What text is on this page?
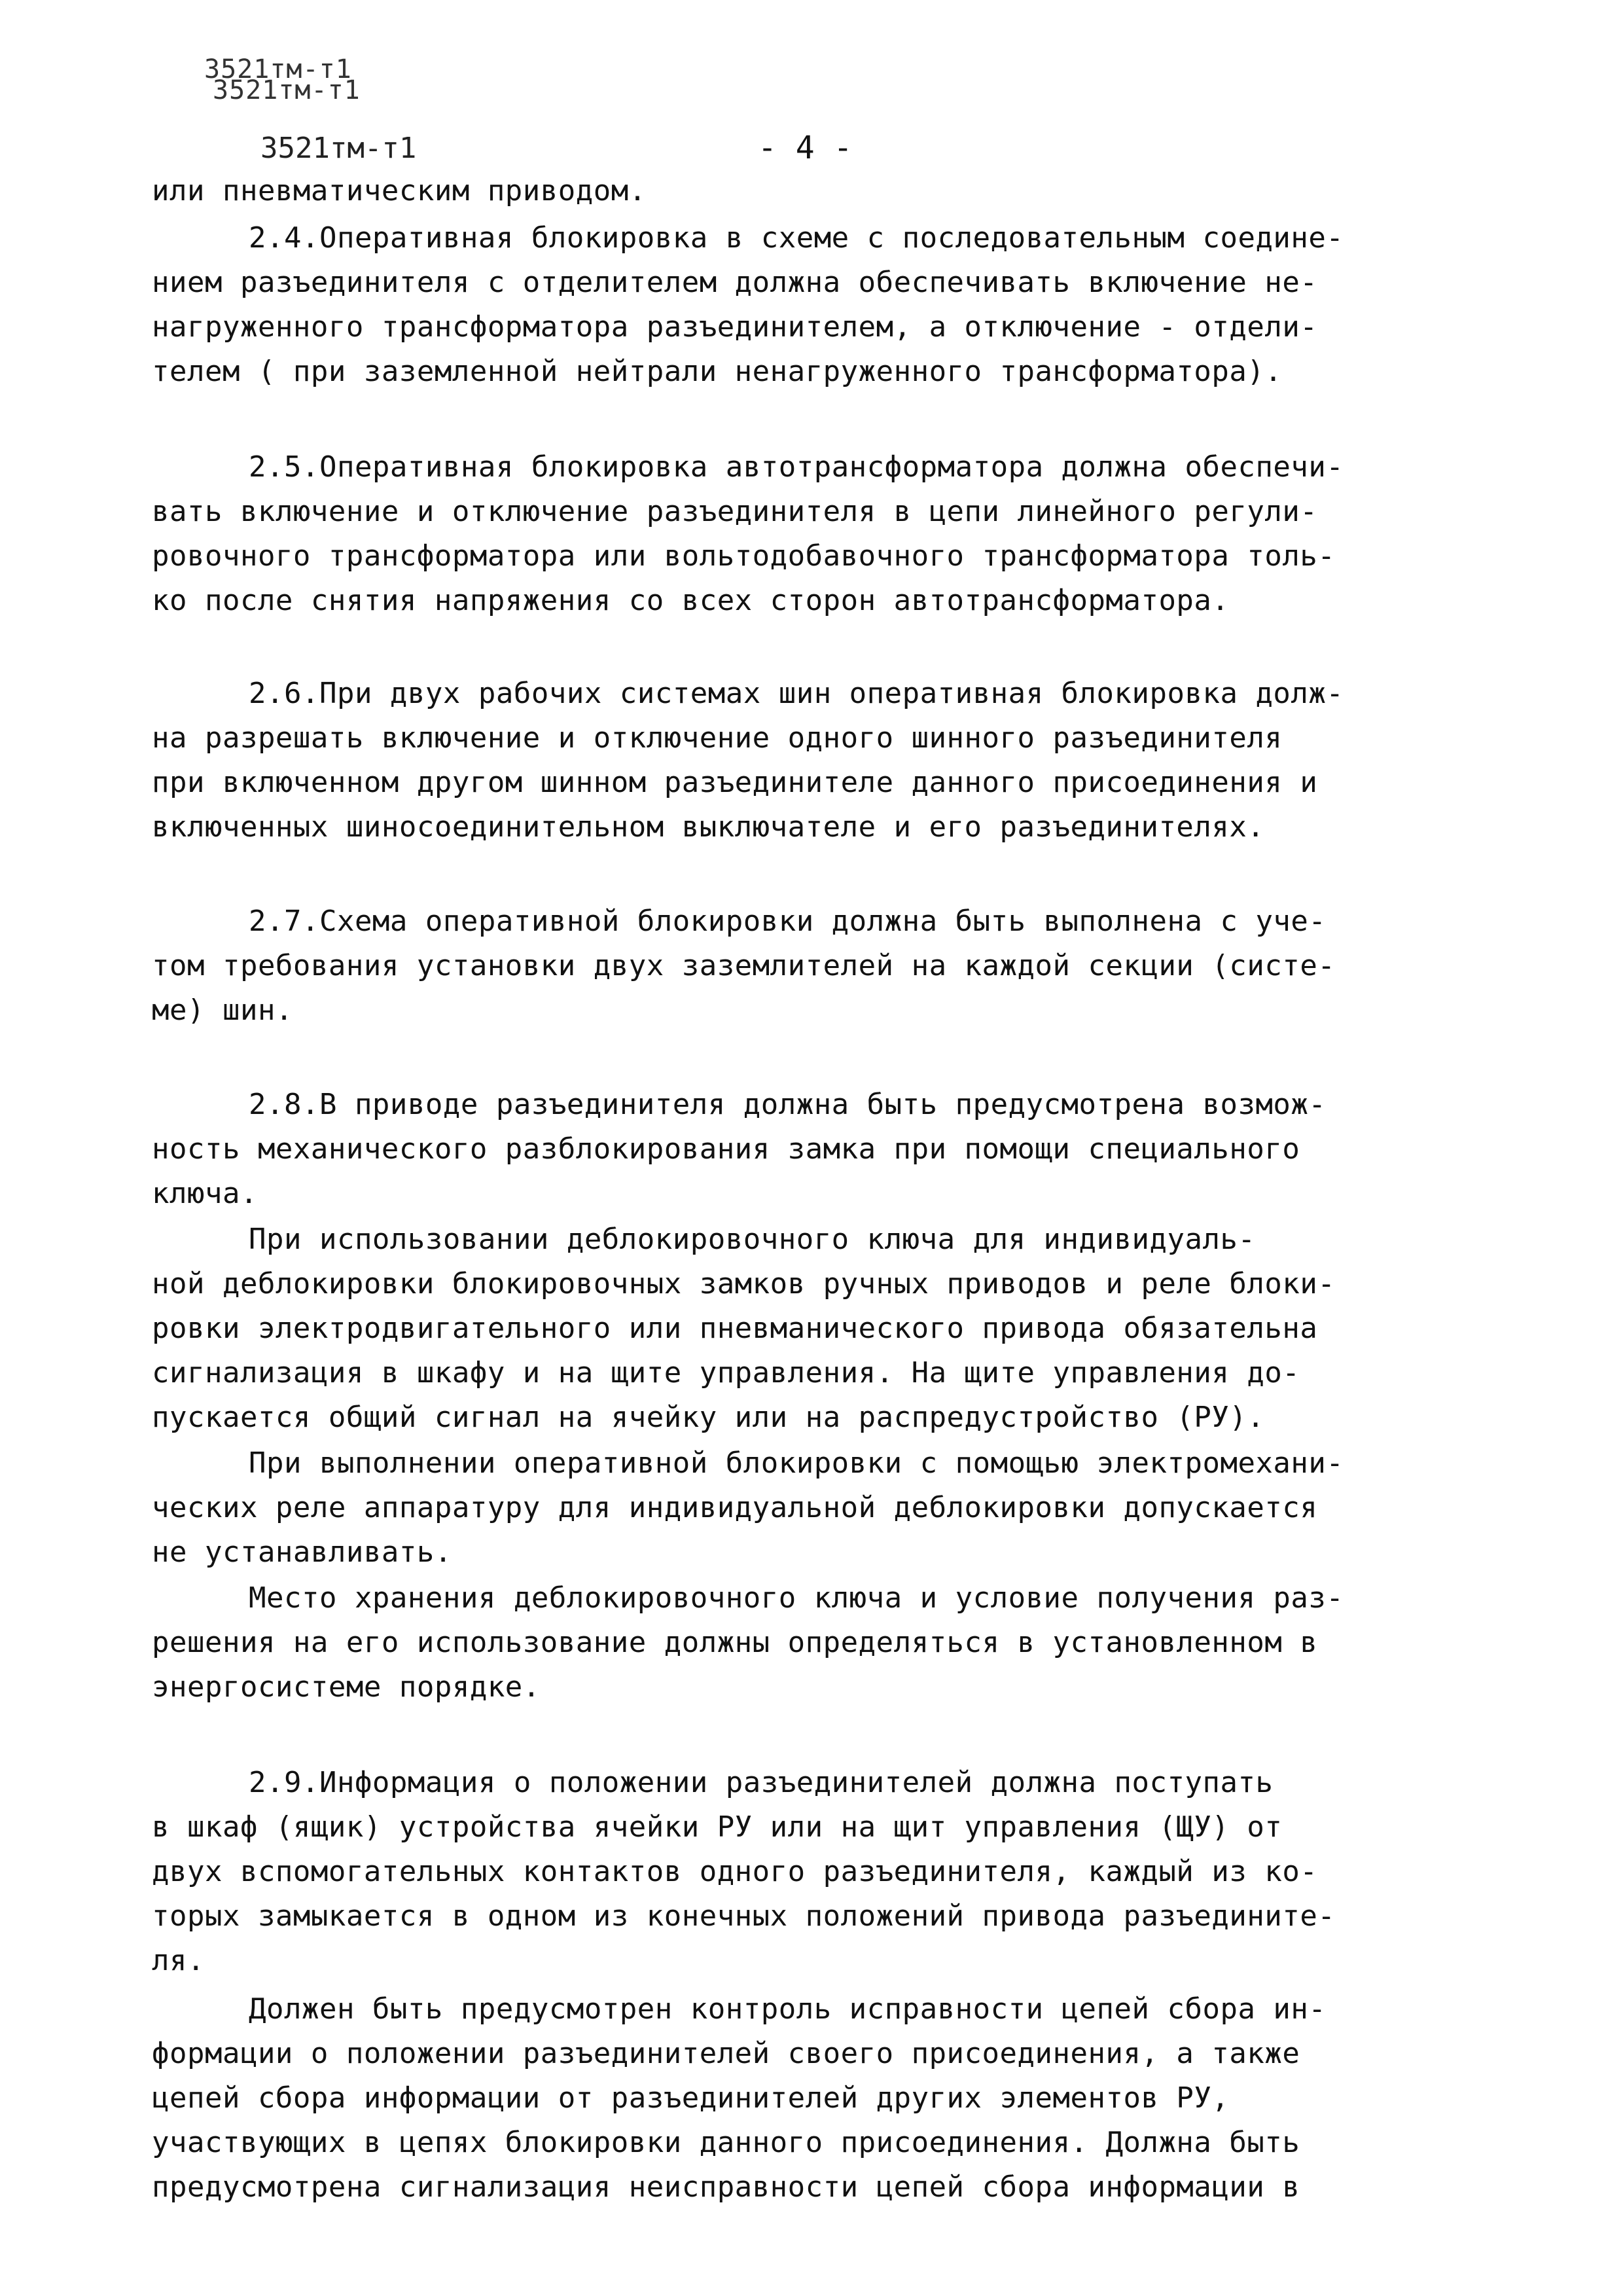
3521тм-т1
3521тм-т1
3521тм-т1	- 4 -
или пневматическим приводом.
2.4.Оперативная блокировка в схеме с последовательным соедине-
нием разъединителя с отделителем должна обеспечивать включение не-
нагруженного трансформатора разъединителем, а отключение - отдели-
телем ( при заземленной нейтрали ненагруженного трансформатора).
2.5.Оперативная блокировка автотрансформатора должна обеспечи-
вать включение и отключение разъединителя в цепи линейного регули-
ровочного трансформатора или вольтодобавочного трансформатора толь-
ко после снятия напряжения со всех сторон автотрансформатора.
2.6.При двух рабочих системах шин оперативная блокировка долж-
на разрешать включение и отключение одного шинного разъединителя
при включенном другом шинном разъединителе данного присоединения и
включенных шиносоединительном выключателе и его разъединителях.
2.7.Схема оперативной блокировки должна быть выполнена с уче-
том требования установки двух заземлителей на каждой секции (систе-
ме) шин.
2.8.В приводе разъединителя должна быть предусмотрена возмож-
ность механического разблокирования замка при помощи специального
ключа.
При использовании деблокировочного ключа для индивидуаль-
ной деблокировки блокировочных замков ручных приводов и реле блоки-
ровки электродвигательного или пневманического привода обязательна
сигнализация в шкафу и на щите управления. На щите управления до-
пускается общий сигнал на ячейку или на распредустройство (РУ).
При выполнении оперативной блокировки с помощью электромехани-
ческих реле аппаратуру для индивидуальной деблокировки допускается
не устанавливать.
Место хранения деблокировочного ключа и условие получения раз-
решения на его использование должны определяться в установленном в
энергосистеме порядке.
2.9.Информация о положении разъединителей должна поступать
в шкаф (ящик) устройства ячейки РУ или на щит управления (ЩУ) от
двух вспомогательных контактов одного разъединителя, каждый из ко-
торых замыкается в одном из конечных положений привода разъедините-
ля.
Должен быть предусмотрен контроль исправности цепей сбора ин-
формации о положении разъединителей своего присоединения, а также
цепей сбора информации от разъединителей других элементов РУ,
участвующих в цепях блокировки данного присоединения. Должна быть
предусмотрена сигнализация неисправности цепей сбора информации в
